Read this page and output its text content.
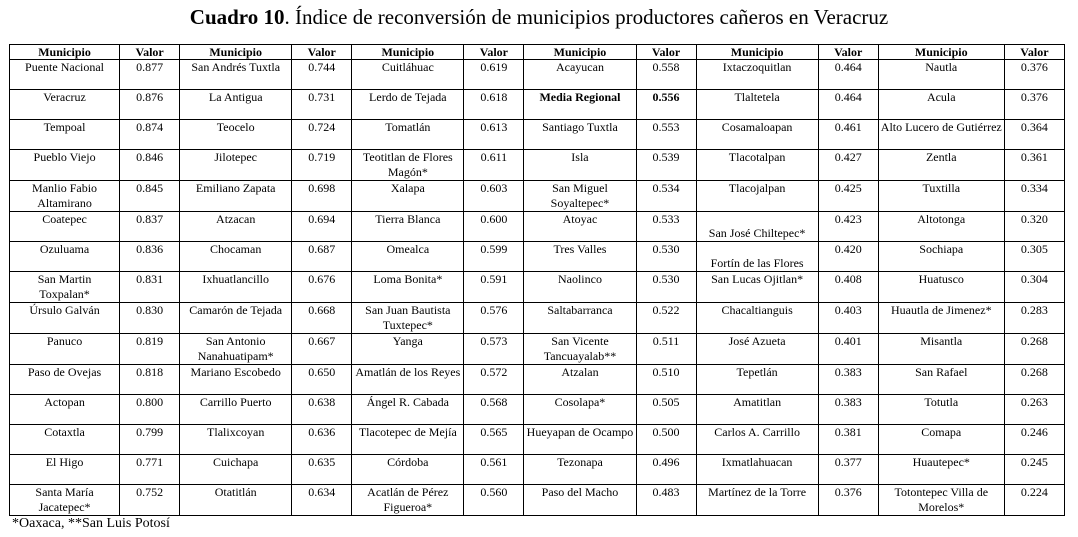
Cuadro 10. Índice de reconversión de municipios productores cañeros en Veracruz
Municipio	Valor	Municipio	Valor	Municipio	Valor	Municipio	Valor	Municipio	Valor	Municipio	Valor
Puente Nacional	0.877	San Andrés Tuxtla	0.744	Cuitláhuac	0.619	Acayucan	0.558	Ixtaczoquitlan	0.464	Nautla	0.376
Veracruz	0.876	La Antigua	0.731	Lerdo de Tejada	0.618	Media Regional	0.556	Tlaltetela	0.464	Acula	0.376
Tempoal	0.874	Teocelo	0.724	Tomatlán	0.613	Santiago Tuxtla	0.553	Cosamaloapan	0.461	Alto Lucero de Gutiérrez	0.364
Pueblo Viejo	0.846	Jilotepec	0.719	Teotitlan de Flores Magón*	0.611	Isla	0.539	Tlacotalpan	0.427	Zentla	0.361
Manlio Fabio Altamirano	0.845	Emiliano Zapata	0.698	Xalapa	0.603	San Miguel Soyaltepec*	0.534	Tlacojalpan	0.425	Tuxtilla	0.334
Coatepec	0.837	Atzacan	0.694	Tierra Blanca	0.600	Atoyac	0.533	San José Chiltepec*	0.423	Altotonga	0.320
Ozuluama	0.836	Chocaman	0.687	Omealca	0.599	Tres Valles	0.530	Fortín de las Flores	0.420	Sochiapa	0.305
San Martin Toxpalan*	0.831	Ixhuatlancillo	0.676	Loma Bonita*	0.591	Naolinco	0.530	San Lucas Ojitlan*	0.408	Huatusco	0.304
Úrsulo Galván	0.830	Camarón de Tejada	0.668	San Juan Bautista Tuxtepec*	0.576	Saltabarranca	0.522	Chacaltianguis	0.403	Huautla de Jimenez*	0.283
Panuco	0.819	San Antonio Nanahuatipam*	0.667	Yanga	0.573	San Vicente Tancuayalab**	0.511	José Azueta	0.401	Misantla	0.268
Paso de Ovejas	0.818	Mariano Escobedo	0.650	Amatlán de los Reyes	0.572	Atzalan	0.510	Tepetlán	0.383	San Rafael	0.268
Actopan	0.800	Carrillo Puerto	0.638	Ángel R. Cabada	0.568	Cosolapa*	0.505	Amatitlan	0.383	Totutla	0.263
Cotaxtla	0.799	Tlalixcoyan	0.636	Tlacotepec de Mejía	0.565	Hueyapan de Ocampo	0.500	Carlos A. Carrillo	0.381	Comapa	0.246
El Higo	0.771	Cuichapa	0.635	Córdoba	0.561	Tezonapa	0.496	Ixmatlahuacan	0.377	Huautepec*	0.245
Santa María Jacatepec*	0.752	Otatitlán	0.634	Acatlán de Pérez Figueroa*	0.560	Paso del Macho	0.483	Martínez de la Torre	0.376	Totontepec Villa de Morelos*	0.224
*Oaxaca, **San Luis Potosí
